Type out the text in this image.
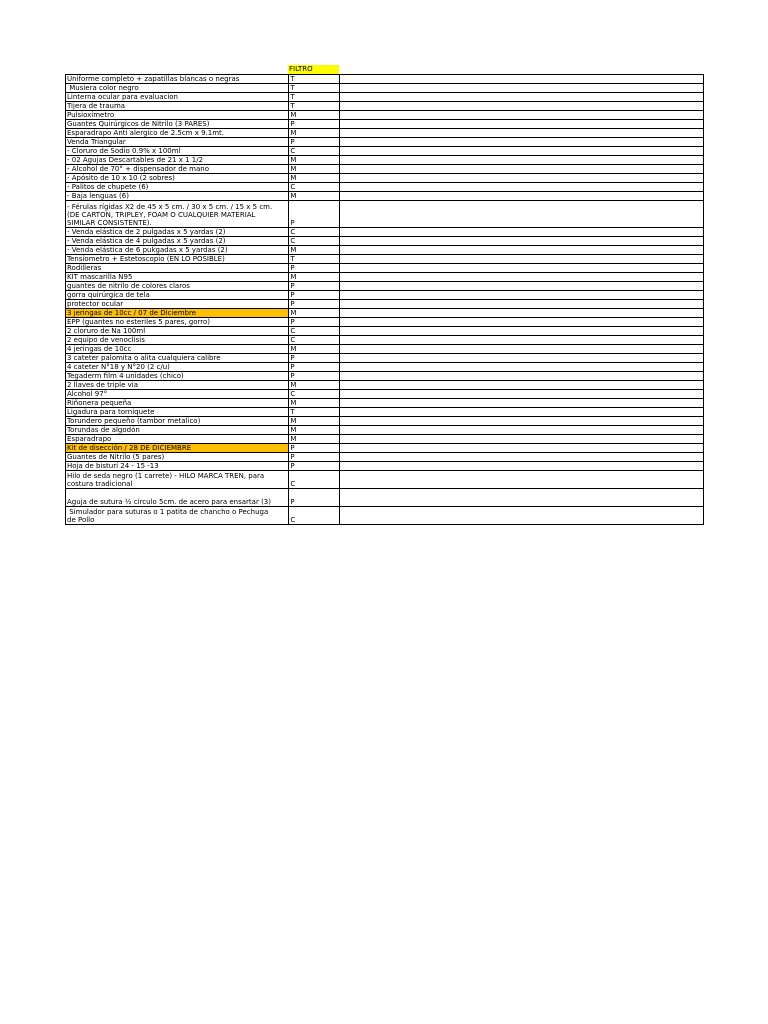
FILTRO
Uniforme completo + zapatillas blancas o negras	T	
Musiera color negro	T	
Linterna ocular para evaluacion	T	
Tijera de trauma	T	
Pulsioxímetro	M	
Guantes Quirúrgicos de Nitrilo (3 PARES)	P	
Esparadrapo Anti alergico de 2.5cm x 9.1mt.	M	
Venda Triangular	P	
- Cloruro de Sodio 0.9% x 100ml	C	
- 02 Agujas Descartables de 21 x 1 1/2	M	
- Alcohol de 70° + dispensador de mano	M	
- Apósito de 10 x 10 (2 sobres)	M	
- Palitos de chupete (6)	C	
- Baja lenguas (6)	M	
- Férulas rígidas X2 de 45 x 5 cm. / 30 x 5 cm. / 15 x 5 cm.
(DE CARTON, TRIPLEY, FOAM O CUALQUIER MATERIAL
SIMILAR CONSISTENTE).	P	
- Venda elástica de 2 pulgadas x 5 yardas (2)	C	
- Venda elástica de 4 pulgadas x 5 yardas (2)	C	
- Venda elástica de 6 pukgadas x 5 yardas (2)	M	
Tensiometro + Estetoscopio (EN LO POSIBLE)	T	
Rodilleras	P	
KIT mascarilla N95	M	
guantes de nitrilo de colores claros	P	
gorra quirúrgica de tela	P	
protector ocular	P	
3 jeringas de 10cc / 07 de Diciembre	M	
EPP (guantes no esteriles 5 pares, gorro)	P	
2 cloruro de Na 100ml	C	
2 equipo de venoclisis	C	
4 jeringas de 10cc	M	
3 cateter palomita o alita cualquiera calibre	P	
4 cateter N°18 y N°20 (2 c/u)	P	
Tegaderm film 4 unidades (chico)	P	
2 llaves de triple via	M	
Alcohol 97°	C	
Riñonera pequeña	M	
Ligadura para torniquete	T	
Torundero pequeño (tambor metalico)	M	
Torundas de algodón	M	
Esparadrapo	M	
Kit de disección / 28 DE DICIEMBRE	P	
Guantes de Nitrilo (5 pares)	P	
Hoja de bisturí 24 - 15 -13	P	
Hilo de seda negro (1 carrete) - HILO MARCA TREN, para
costura tradicional	C	
Aguja de sutura ½ circulo 5cm. de acero para ensartar (3)	P	
Simulador para suturas o 1 patita de chancho o Pechuga
de Pollo	C	
